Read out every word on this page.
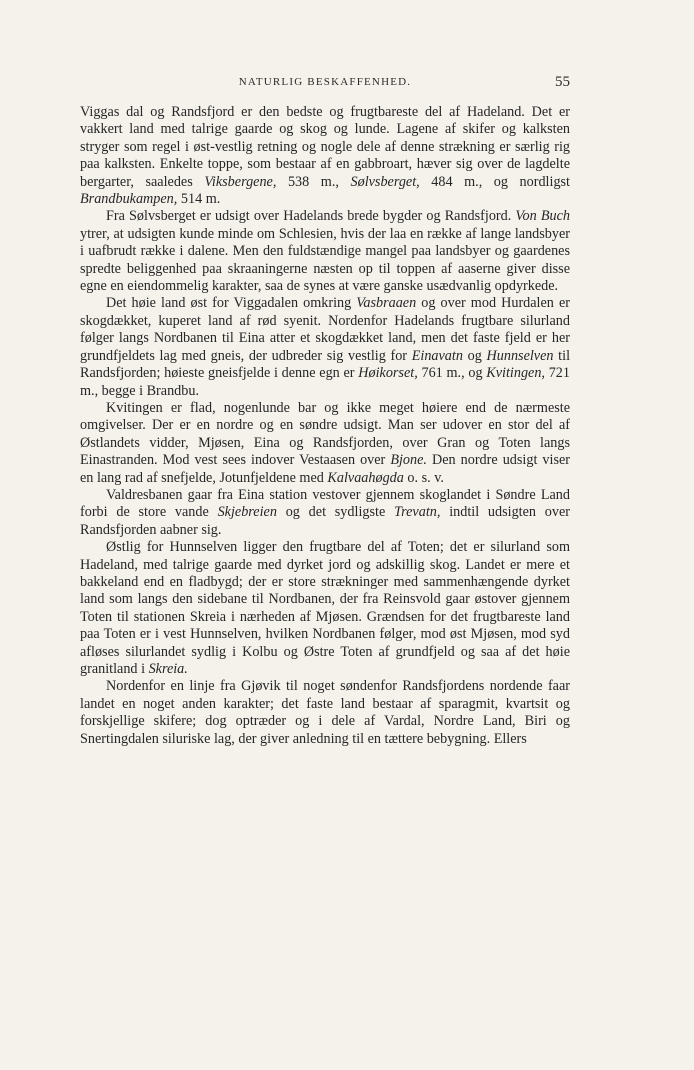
NATURLIG BESKAFFENHED.	55

Viggas dal og Randsfjord er den bedste og frugtbareste del af Hadeland. Det er vakkert land med talrige gaarde og skog og lunde. Lagene af skifer og kalksten stryger som regel i øst-vestlig retning og nogle dele af denne strækning er særlig rig paa kalksten. Enkelte toppe, som bestaar af en gabbroart, hæver sig over de lagdelte bergarter, saaledes Viksbergene, 538 m., Sølvsberget, 484 m., og nordligst Brandbukampen, 514 m.

Fra Sølvsberget er udsigt over Hadelands brede bygder og Randsfjord. Von Buch ytrer, at udsigten kunde minde om Schlesien, hvis der laa en række af lange landsbyer i uafbrudt række i dalene. Men den fuldstændige mangel paa landsbyer og gaardenes spredte beliggenhed paa skraaningerne næsten op til toppen af aaserne giver disse egne en eiendommelig karakter, saa de synes at være ganske usædvanlig opdyrkede.

Det høie land øst for Viggadalen omkring Vasbraaen og over mod Hurdalen er skogdækket, kuperet land af rød syenit. Nordenfor Hadelands frugtbare silurland følger langs Nordbanen til Eina atter et skogdækket land, men det faste fjeld er her grundfjeldets lag med gneis, der udbreder sig vestlig for Einavatn og Hunnselven til Randsfjorden; høieste gneisfjelde i denne egn er Høikorset, 761 m., og Kvitingen, 721 m., begge i Brandbu.

Kvitingen er flad, nogenlunde bar og ikke meget høiere end de nærmeste omgivelser. Der er en nordre og en søndre udsigt. Man ser udover en stor del af Østlandets vidder, Mjøsen, Eina og Randsfjorden, over Gran og Toten langs Einastranden. Mod vest sees indover Vestaasen over Bjone. Den nordre udsigt viser en lang rad af snefjelde, Jotunfjeldene med Kalvaahøgda o. s. v.

Valdresbanen gaar fra Eina station vestover gjennem skoglandet i Søndre Land forbi de store vande Skjebreien og det sydligste Trevatn, indtil udsigten over Randsfjorden aabner sig.

Østlig for Hunnselven ligger den frugtbare del af Toten; det er silurland som Hadeland, med talrige gaarde med dyrket jord og adskillig skog. Landet er mere et bakkeland end en fladbygd; der er store strækninger med sammenhængende dyrket land som langs den sidebane til Nordbanen, der fra Reinsvold gaar østover gjennem Toten til stationen Skreia i nærheden af Mjøsen. Grændsen for det frugtbareste land paa Toten er i vest Hunnselven, hvilken Nordbanen følger, mod øst Mjøsen, mod syd afløses silurlandet sydlig i Kolbu og Østre Toten af grundfjeld og saa af det høie granitland i Skreia.

Nordenfor en linje fra Gjøvik til noget søndenfor Randsfjordens nordende faar landet en noget anden karakter; det faste land bestaar af sparagmit, kvartsit og forskjellige skifere; dog optræder og i dele af Vardal, Nordre Land, Biri og Snertingdalen siluriske lag, der giver anledning til en tættere bebygning. Ellers
